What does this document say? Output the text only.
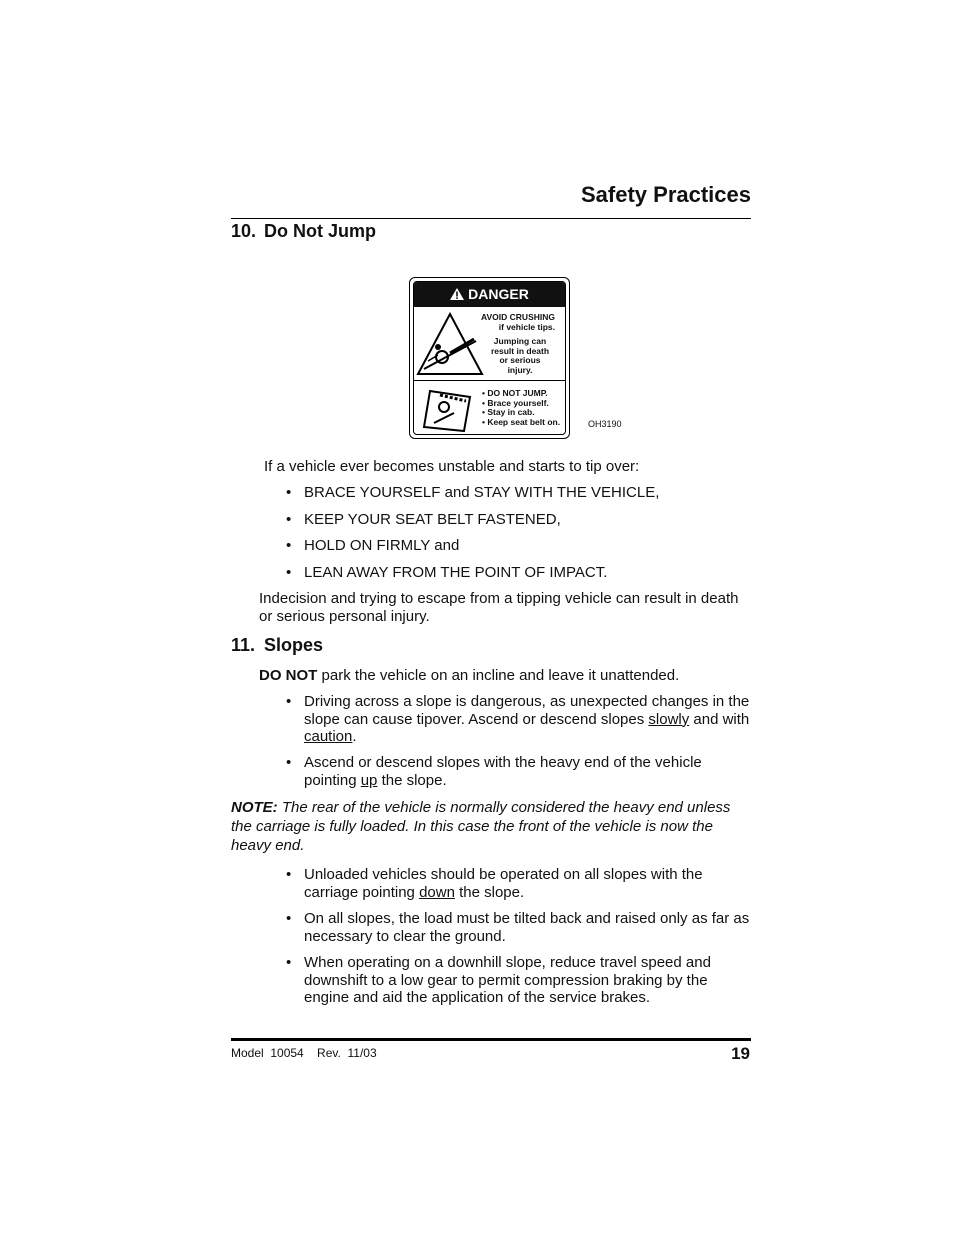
Safety Practices
10. Do Not Jump
DANGER
AVOID CRUSHING
if vehicle tips.
Jumping can
result in death
or serious
injury.
• DO NOT JUMP.
• Brace yourself.
• Stay in cab.
• Keep seat belt on.	OH3190
If a vehicle ever becomes unstable and starts to tip over:
• BRACE YOURSELF and STAY WITH THE VEHICLE,
• KEEP YOUR SEAT BELT FASTENED,
• HOLD ON FIRMLY and
• LEAN AWAY FROM THE POINT OF IMPACT.
Indecision and trying to escape from a tipping vehicle can result in death or serious personal injury.
11. Slopes
DO NOT park the vehicle on an incline and leave it unattended.
• Driving across a slope is dangerous, as unexpected changes in the slope can cause tipover. Ascend or descend slopes slowly and with caution.
• Ascend or descend slopes with the heavy end of the vehicle pointing up the slope.
NOTE: The rear of the vehicle is normally considered the heavy end unless the carriage is fully loaded. In this case the front of the vehicle is now the heavy end.
• Unloaded vehicles should be operated on all slopes with the carriage pointing down the slope.
• On all slopes, the load must be tilted back and raised only as far as necessary to clear the ground.
• When operating on a downhill slope, reduce travel speed and downshift to a low gear to permit compression braking by the engine and aid the application of the service brakes.
Model  10054    Rev.  11/03	19
